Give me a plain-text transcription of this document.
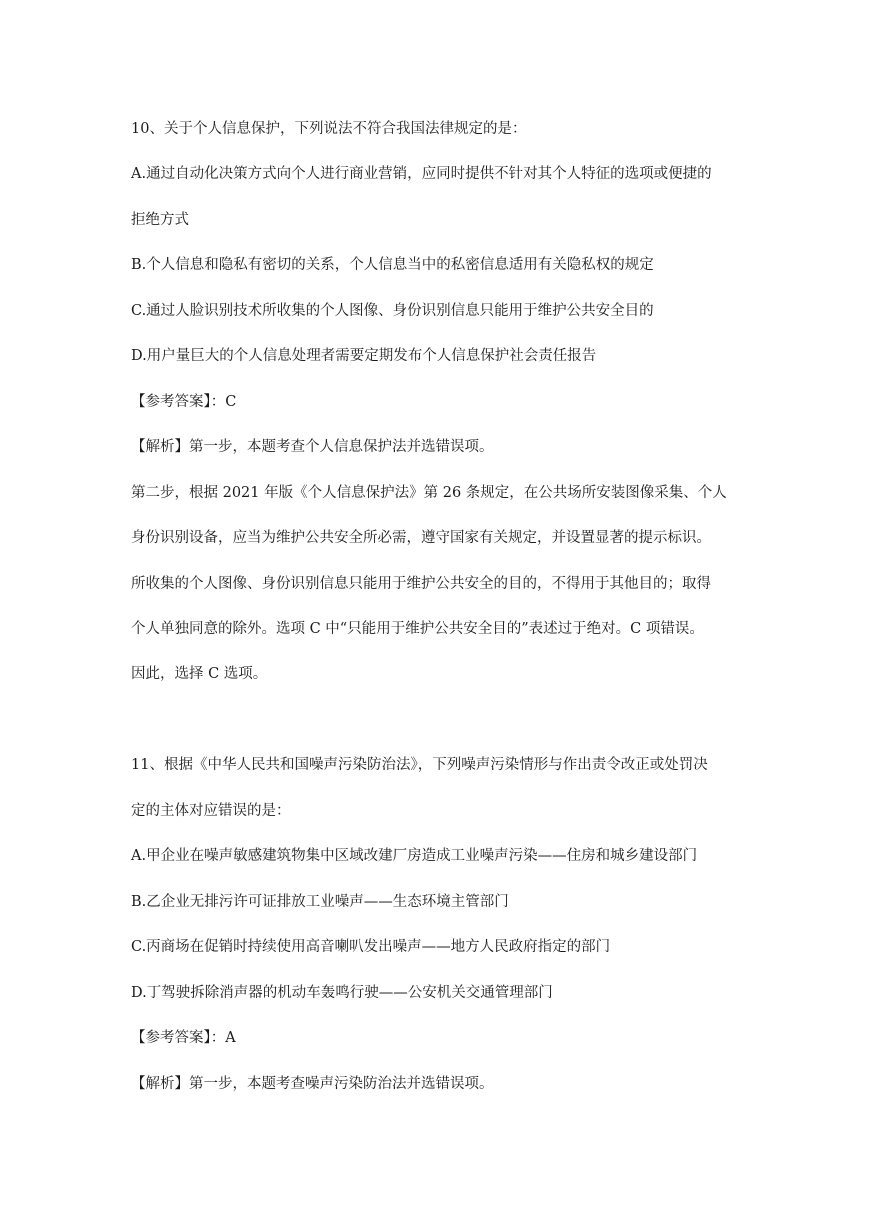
10、关于个人信息保护，下列说法不符合我国法律规定的是：
A.通过自动化决策方式向个人进行商业营销，应同时提供不针对其个人特征的选项或便捷的
拒绝方式
B.个人信息和隐私有密切的关系，个人信息当中的私密信息适用有关隐私权的规定
C.通过人脸识别技术所收集的个人图像、身份识别信息只能用于维护公共安全目的
D.用户量巨大的个人信息处理者需要定期发布个人信息保护社会责任报告
【参考答案】：C
【解析】第一步，本题考查个人信息保护法并选错误项。
第二步，根据 2021 年版《个人信息保护法》第 26 条规定，在公共场所安装图像采集、个人
身份识别设备，应当为维护公共安全所必需，遵守国家有关规定，并设置显著的提示标识。
所收集的个人图像、身份识别信息只能用于维护公共安全的目的，不得用于其他目的；取得
个人单独同意的除外。选项 C 中“只能用于维护公共安全目的”表述过于绝对。C 项错误。
因此，选择 C 选项。
11、根据《中华人民共和国噪声污染防治法》，下列噪声污染情形与作出责令改正或处罚决
定的主体对应错误的是：
A.甲企业在噪声敏感建筑物集中区域改建厂房造成工业噪声污染——住房和城乡建设部门
B.乙企业无排污许可证排放工业噪声——生态环境主管部门
C.丙商场在促销时持续使用高音喇叭发出噪声——地方人民政府指定的部门
D.丁驾驶拆除消声器的机动车轰鸣行驶——公安机关交通管理部门
【参考答案】：A
【解析】第一步，本题考查噪声污染防治法并选错误项。
